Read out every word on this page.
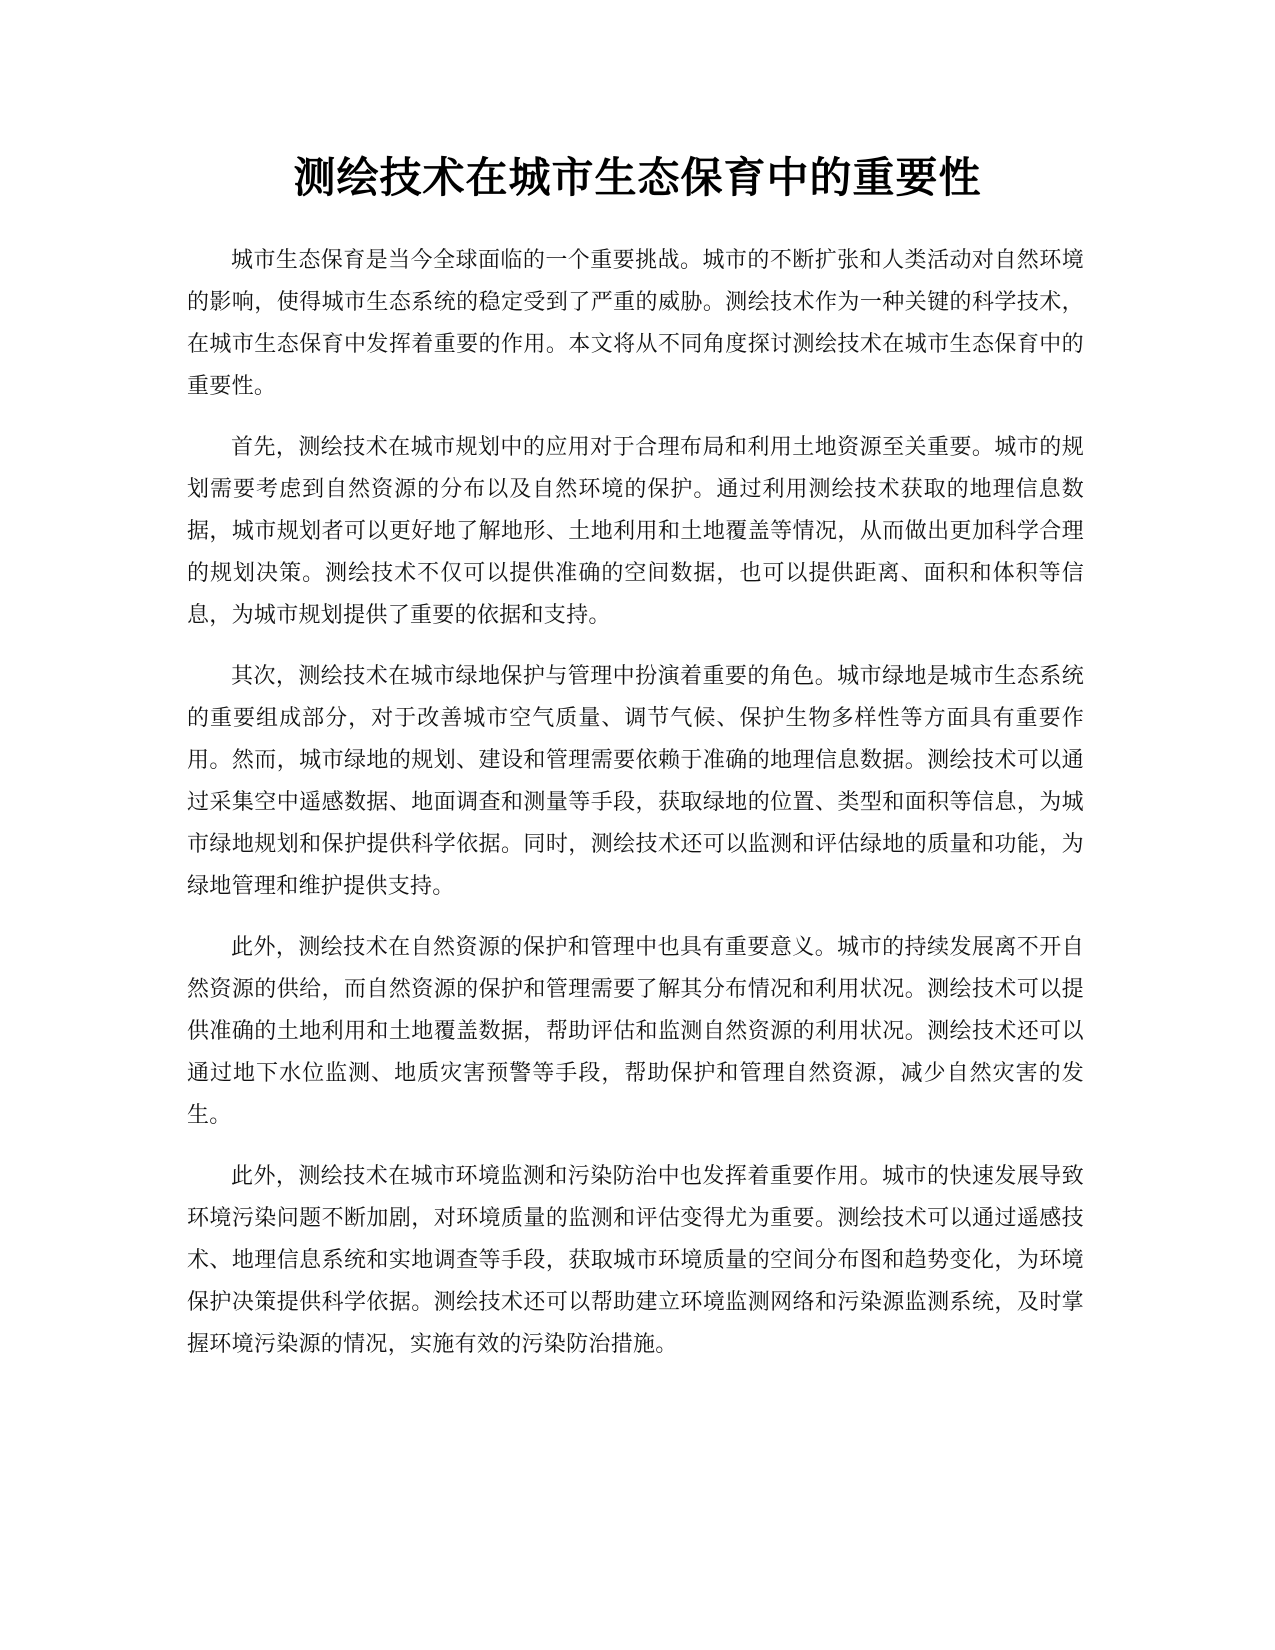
测绘技术在城市生态保育中的重要性

城市生态保育是当今全球面临的一个重要挑战。城市的不断扩张和人类活动对自然环境的影响，使得城市生态系统的稳定受到了严重的威胁。测绘技术作为一种关键的科学技术，在城市生态保育中发挥着重要的作用。本文将从不同角度探讨测绘技术在城市生态保育中的重要性。

首先，测绘技术在城市规划中的应用对于合理布局和利用土地资源至关重要。城市的规划需要考虑到自然资源的分布以及自然环境的保护。通过利用测绘技术获取的地理信息数据，城市规划者可以更好地了解地形、土地利用和土地覆盖等情况，从而做出更加科学合理的规划决策。测绘技术不仅可以提供准确的空间数据，也可以提供距离、面积和体积等信息，为城市规划提供了重要的依据和支持。

其次，测绘技术在城市绿地保护与管理中扮演着重要的角色。城市绿地是城市生态系统的重要组成部分，对于改善城市空气质量、调节气候、保护生物多样性等方面具有重要作用。然而，城市绿地的规划、建设和管理需要依赖于准确的地理信息数据。测绘技术可以通过采集空中遥感数据、地面调查和测量等手段，获取绿地的位置、类型和面积等信息，为城市绿地规划和保护提供科学依据。同时，测绘技术还可以监测和评估绿地的质量和功能，为绿地管理和维护提供支持。

此外，测绘技术在自然资源的保护和管理中也具有重要意义。城市的持续发展离不开自然资源的供给，而自然资源的保护和管理需要了解其分布情况和利用状况。测绘技术可以提供准确的土地利用和土地覆盖数据，帮助评估和监测自然资源的利用状况。测绘技术还可以通过地下水位监测、地质灾害预警等手段，帮助保护和管理自然资源，减少自然灾害的发生。

此外，测绘技术在城市环境监测和污染防治中也发挥着重要作用。城市的快速发展导致环境污染问题不断加剧，对环境质量的监测和评估变得尤为重要。测绘技术可以通过遥感技术、地理信息系统和实地调查等手段，获取城市环境质量的空间分布图和趋势变化，为环境保护决策提供科学依据。测绘技术还可以帮助建立环境监测网络和污染源监测系统，及时掌握环境污染源的情况，实施有效的污染防治措施。
